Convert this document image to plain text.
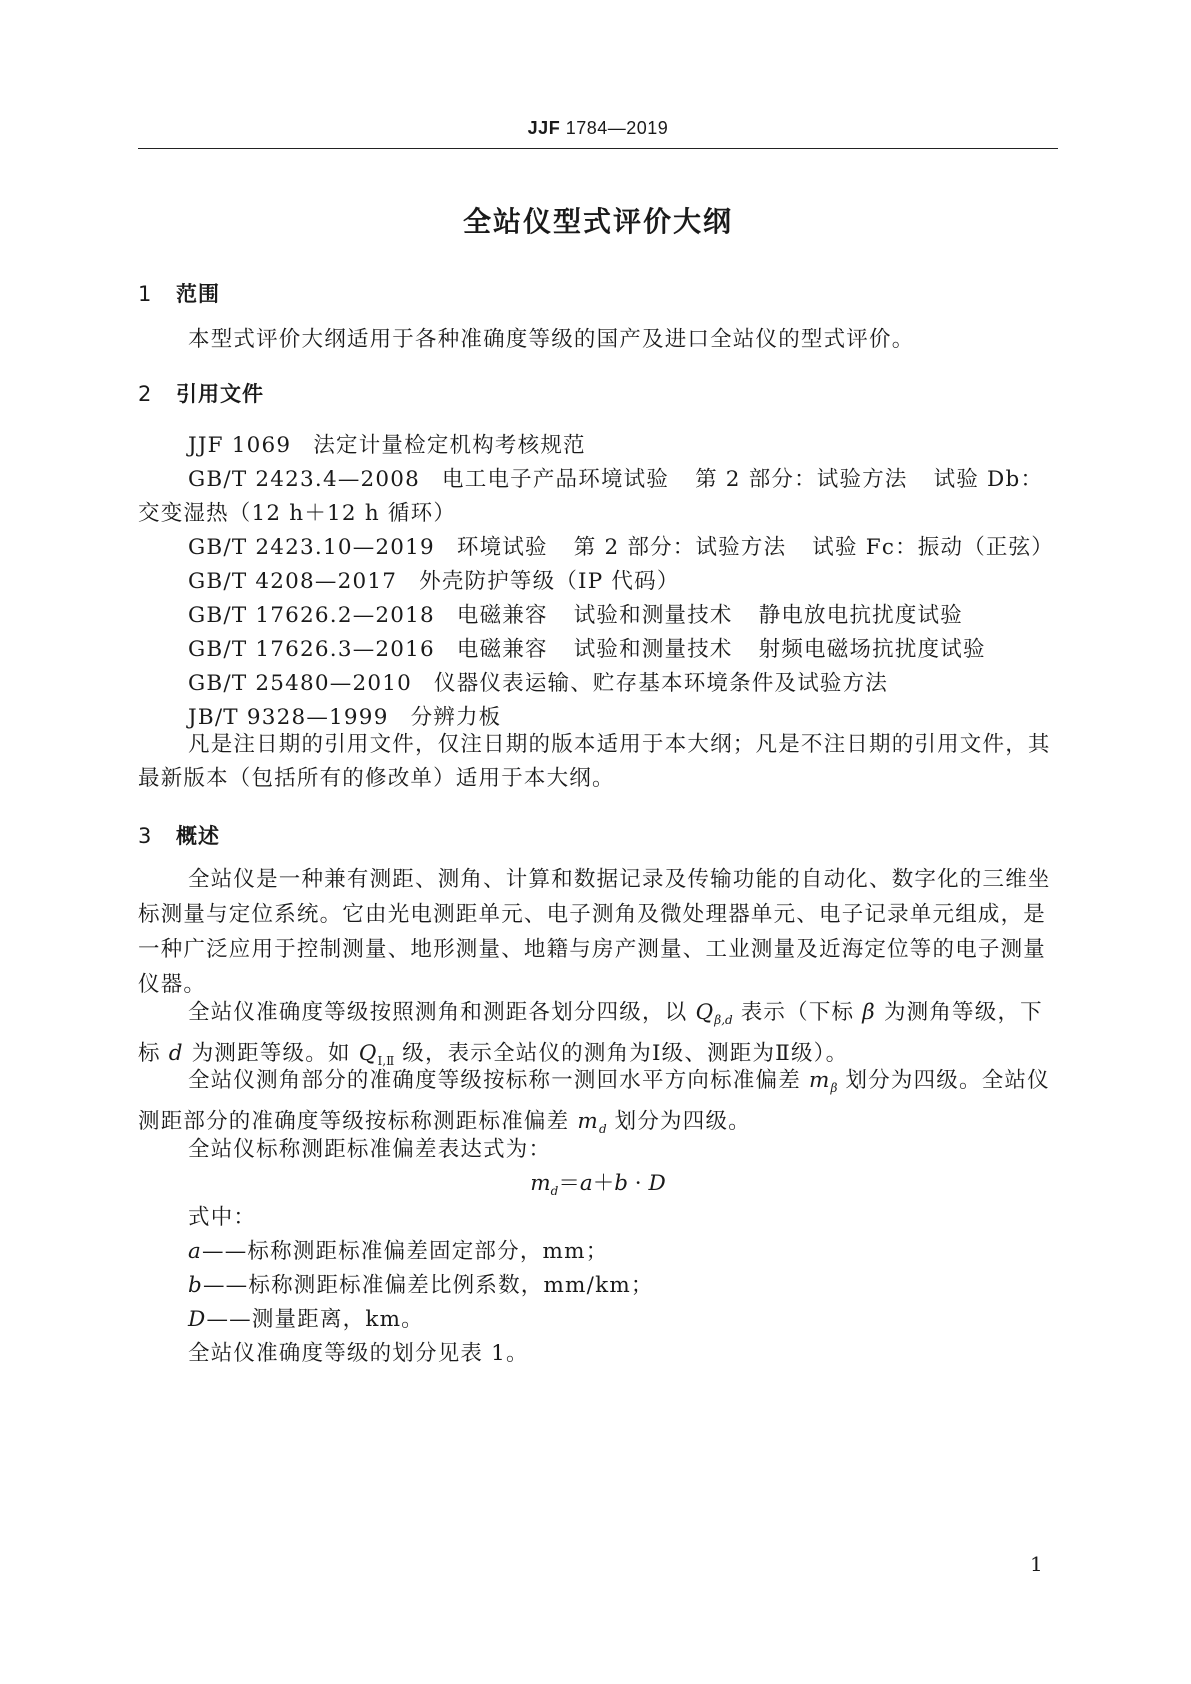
JJF 1784—2019
全站仪型式评价大纲
1 范围
本型式评价大纲适用于各种准确度等级的国产及进口全站仪的型式评价。
2 引用文件
JJF 1069 法定计量检定机构考核规范
GB/T 2423.4—2008 电工电子产品环境试验 第 2 部分：试验方法 试验 Db：
交变湿热（12 h＋12 h 循环）
GB/T 2423.10—2019 环境试验 第 2 部分：试验方法 试验 Fc：振动（正弦）
GB/T 4208—2017 外壳防护等级（IP 代码）
GB/T 17626.2—2018 电磁兼容 试验和测量技术 静电放电抗扰度试验
GB/T 17626.3—2016 电磁兼容 试验和测量技术 射频电磁场抗扰度试验
GB/T 25480—2010 仪器仪表运输、贮存基本环境条件及试验方法
JB/T 9328—1999 分辨力板
凡是注日期的引用文件，仅注日期的版本适用于本大纲；凡是不注日期的引用文件，其最新版本（包括所有的修改单）适用于本大纲。
3 概述
全站仪是一种兼有测距、测角、计算和数据记录及传输功能的自动化、数字化的三维坐标测量与定位系统。它由光电测距单元、电子测角及微处理器单元、电子记录单元组成，是一种广泛应用于控制测量、地形测量、地籍与房产测量、工业测量及近海定位等的电子测量仪器。
全站仪准确度等级按照测角和测距各划分四级，以 $Q_{\beta,d}$ 表示（下标 β 为测角等级，下标 d 为测距等级。如 $Q_{Ⅰ,Ⅱ}$ 级，表示全站仪的测角为Ⅰ级、测距为Ⅱ级）。
全站仪测角部分的准确度等级按标称一测回水平方向标准偏差 $m_\beta$ 划分为四级。全站仪测距部分的准确度等级按标称测距标准偏差 $m_d$ 划分为四级。
全站仪标称测距标准偏差表达式为：
$m_d=a+b \cdot D$
式中：
a——标称测距标准偏差固定部分，mm；
b——标称测距标准偏差比例系数，mm/km；
D——测量距离，km。
全站仪准确度等级的划分见表 1。
1
